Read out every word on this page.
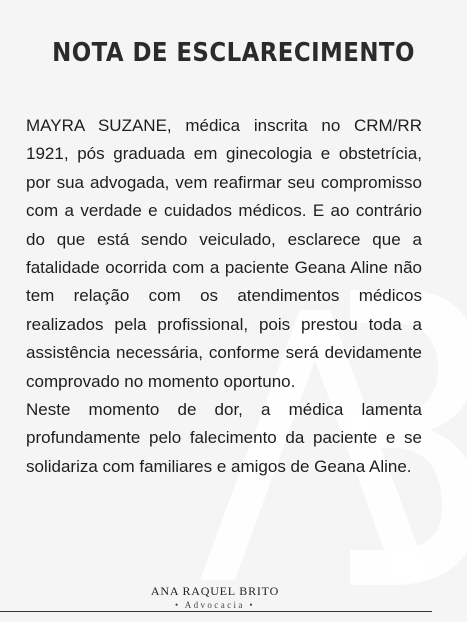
NOTA DE ESCLARECIMENTO

MAYRA SUZANE, médica inscrita no CRM/RR 1921, pós graduada em ginecologia e obstetrícia, por sua advogada, vem reafirmar seu compromisso com a verdade e cuidados médicos. E ao contrário do que está sendo veiculado, esclarece que a fatalidade ocorrida com a paciente Geana Aline não tem relação com os atendimentos médicos realizados pela profissional, pois prestou toda a assistência necessária, conforme será devidamente comprovado no momento oportuno.

Neste momento de dor, a médica lamenta profundamente pelo falecimento da paciente e se solidariza com familiares e amigos de Geana Aline.

ANA RAQUEL BRITO
• Advocacia •
